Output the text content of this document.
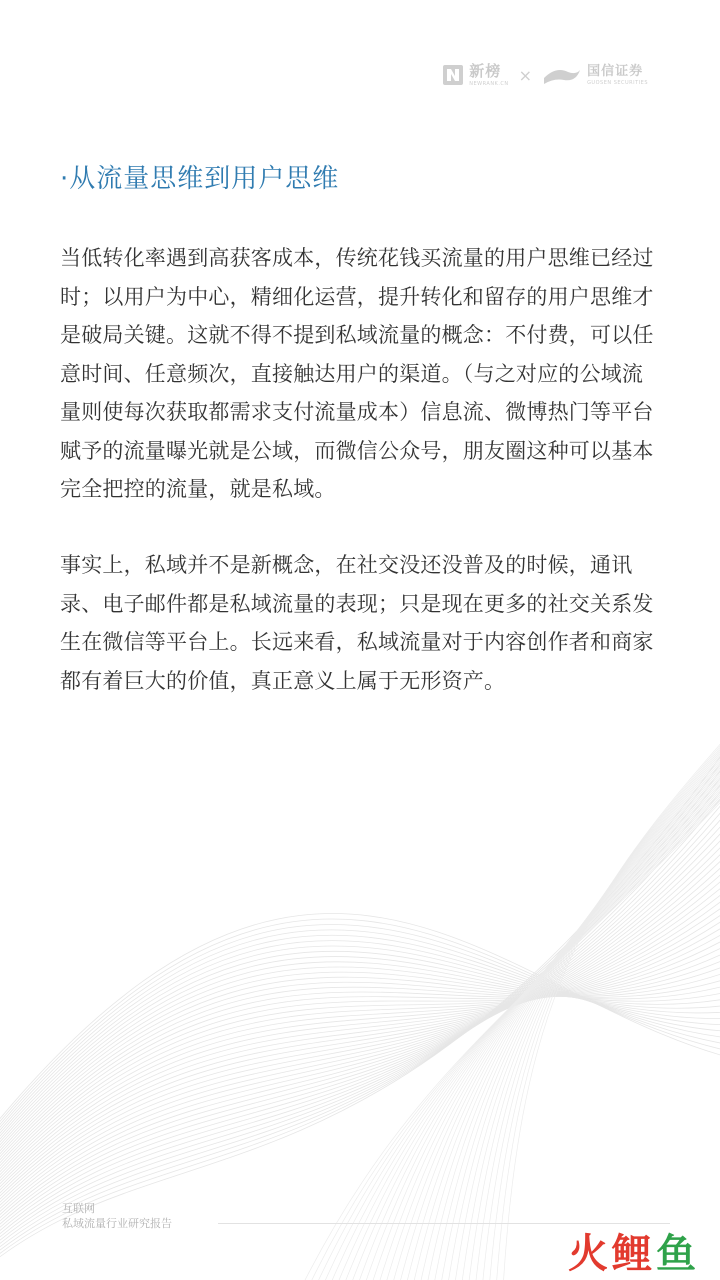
新榜
NEWRANK.CN ×	国信证券
GUOSEN SECURITIES
·从流量思维到用户思维

当低转化率遇到高获客成本，传统花钱买流量的用户思维已经过时；以用户为中心，精细化运营，提升转化和留存的用户思维才是破局关键。这就不得不提到私域流量的概念：不付费，可以任意时间、任意频次，直接触达用户的渠道。（与之对应的公域流量则使每次获取都需求支付流量成本）信息流、微博热门等平台赋予的流量曝光就是公域，而微信公众号，朋友圈这种可以基本完全把控的流量，就是私域。

事实上，私域并不是新概念，在社交没还没普及的时候，通讯录、电子邮件都是私域流量的表现；只是现在更多的社交关系发生在微信等平台上。长远来看，私域流量对于内容创作者和商家都有着巨大的价值，真正意义上属于无形资产。

互联网
私域流量行业研究报告
火 鲤 鱼
